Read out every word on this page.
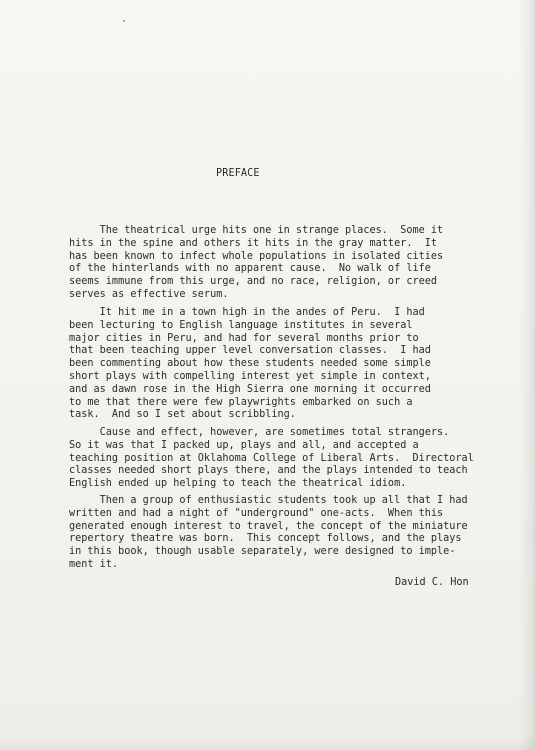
PREFACE

The theatrical urge hits one in strange places.  Some it
hits in the spine and others it hits in the gray matter.  It
has been known to infect whole populations in isolated cities
of the hinterlands with no apparent cause.  No walk of life
seems immune from this urge, and no race, religion, or creed
serves as effective serum.

It hit me in a town high in the andes of Peru.  I had
been lecturing to English language institutes in several
major cities in Peru, and had for several months prior to
that been teaching upper level conversation classes.  I had
been commenting about how these students needed some simple
short plays with compelling interest yet simple in context,
and as dawn rose in the High Sierra one morning it occurred
to me that there were few playwrights embarked on such a
task.  And so I set about scribbling.

Cause and effect, however, are sometimes total strangers.
So it was that I packed up, plays and all, and accepted a
teaching position at Oklahoma College of Liberal Arts.  Directoral
classes needed short plays there, and the plays intended to teach
English ended up helping to teach the theatrical idiom.

Then a group of enthusiastic students took up all that I had
written and had a night of "underground" one-acts.  When this
generated enough interest to travel, the concept of the miniature
repertory theatre was born.  This concept follows, and the plays
in this book, though usable separately, were designed to imple-
ment it.

David C. Hon
